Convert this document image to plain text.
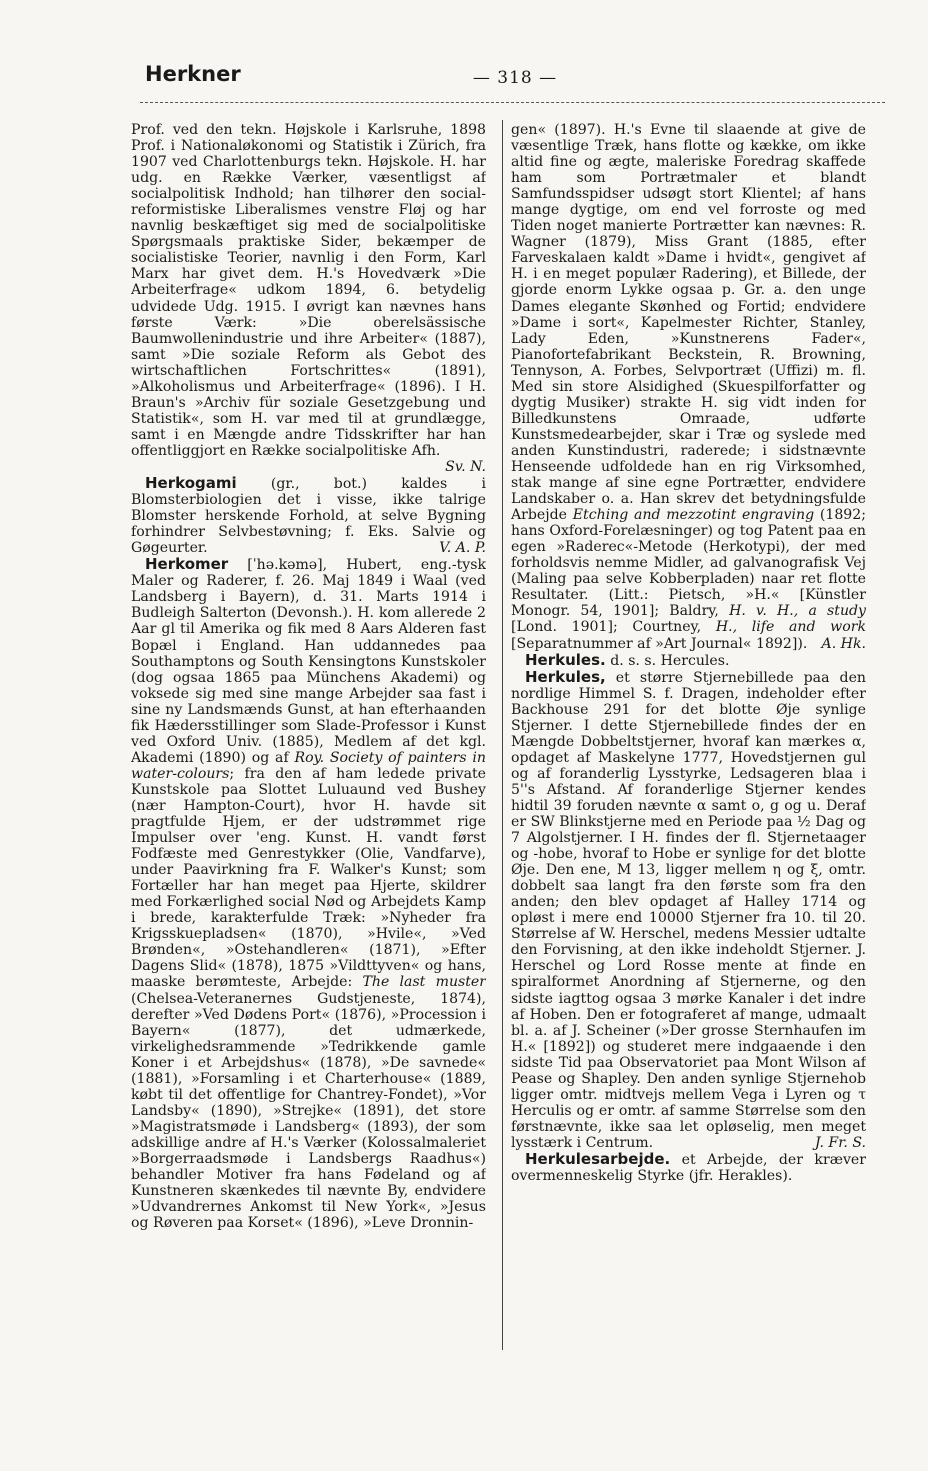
Herkner	— 318 —

Prof. ved den tekn. Højskole i Karlsruhe, 1898 Prof. i Nationaløkonomi og Statistik i Zürich, fra 1907 ved Charlottenburgs tekn. Højskole. H. har udg. en Række Værker, væsentligst af socialpolitisk Indhold; han tilhører den social-reformistiske Liberalismes venstre Fløj og har navnlig beskæftiget sig med de socialpolitiske Spørgsmaals praktiske Sider, bekæmper de socialistiske Teorier, navnlig i den Form, Karl Marx har givet dem. H.'s Hovedværk »Die Arbeiterfrage« udkom 1894, 6. betydelig udvidede Udg. 1915. I øvrigt kan nævnes hans første Værk: »Die oberelsässische Baumwollenindustrie und ihre Arbeiter« (1887), samt »Die soziale Reform als Gebot des wirtschaftlichen Fortschrittes« (1891), »Alkoholismus und Arbeiterfrage« (1896). I H. Braun's »Archiv für soziale Gesetzgebung und Statistik«, som H. var med til at grundlægge, samt i en Mængde andre Tidsskrifter har han offentliggjort en Række socialpolitiske Afh.
Sv. N.

Herkogami (gr., bot.) kaldes i Blomsterbiologien det i visse, ikke talrige Blomster herskende Forhold, at selve Bygning forhindrer Selvbestøvning; f. Eks. Salvie og Gøgeurter.	V. A. P.

Herkomer [ˈhə.kəmə], Hubert, eng.-tysk Maler og Raderer, f. 26. Maj 1849 i Waal (ved Landsberg i Bayern), d. 31. Marts 1914 i Budleigh Salterton (Devonsh.). H. kom allerede 2 Aar gl til Amerika og fik med 8 Aars Alderen fast Bopæl i England. Han uddannedes paa Southamptons og South Kensingtons Kunstskoler (dog ogsaa 1865 paa Münchens Akademi) og voksede sig med sine mange Arbejder saa fast i sine ny Landsmænds Gunst, at han efterhaanden fik Hædersstillinger som Slade-Professor i Kunst ved Oxford Univ. (1885), Medlem af det kgl. Akademi (1890) og af Roy. Society of painters in water-colours; fra den af ham ledede private Kunstskole paa Slottet Luluaund ved Bushey (nær Hampton-Court), hvor H. havde sit pragtfulde Hjem, er der udstrømmet rige Impulser over 'eng. Kunst. H. vandt først Fodfæste med Genrestykker (Olie, Vandfarve), under Paavirkning fra F. Walker's Kunst; som Fortæller har han meget paa Hjerte, skildrer med Forkærlighed social Nød og Arbejdets Kamp i brede, karakterfulde Træk: »Nyheder fra Krigsskuepladsen« (1870), »Hvile«, »Ved Brønden«, »Ostehandleren« (1871), »Efter Dagens Slid« (1878), 1875 »Vildttyven« og hans, maaske berømteste, Arbejde: The last muster (Chelsea-Veteranernes Gudstjeneste, 1874), derefter »Ved Dødens Port« (1876), »Procession i Bayern« (1877), det udmærkede, virkelighedsrammende »Tedrikkende gamle Koner i et Arbejdshus« (1878), »De savnede« (1881), »Forsamling i et Charterhouse« (1889, købt til det offentlige for Chantrey-Fondet), »Vor Landsby« (1890), »Strejke« (1891), det store »Magistratsmøde i Landsberg« (1893), der som adskillige andre af H.'s Værker (Kolossalmaleriet »Borgerraadsmøde i Landsbergs Raadhus«) behandler Motiver fra hans Fødeland og af Kunstneren skænkedes til nævnte By, endvidere »Udvandrernes Ankomst til New York«, »Jesus og Røveren paa Korset« (1896), »Leve Dronnin-

gen« (1897). H.'s Evne til slaaende at give de væsentlige Træk, hans flotte og kække, om ikke altid fine og ægte, maleriske Foredrag skaffede ham som Portrætmaler et blandt Samfundsspidser udsøgt stort Klientel; af hans mange dygtige, om end vel forroste og med Tiden noget manierte Portrætter kan nævnes: R. Wagner (1879), Miss Grant (1885, efter Farveskalaen kaldt »Dame i hvidt«, gengivet af H. i en meget populær Radering), et Billede, der gjorde enorm Lykke ogsaa p. Gr. a. den unge Dames elegante Skønhed og Fortid; endvidere »Dame i sort«, Kapelmester Richter, Stanley, Lady Eden, »Kunstnerens Fader«, Pianofortefabrikant Beckstein, R. Browning, Tennyson, A. Forbes, Selvportræt (Uffizi) m. fl. Med sin store Alsidighed (Skuespilforfatter og dygtig Musiker) strakte H. sig vidt inden for Billedkunstens Omraade, udførte Kunstsmedearbejder, skar i Træ og syslede med anden Kunstindustri, raderede; i sidstnævnte Henseende udfoldede han en rig Virksomhed, stak mange af sine egne Portrætter, endvidere Landskaber o. a. Han skrev det betydningsfulde Arbejde Etching and mezzotint engraving (1892; hans Oxford-Forelæsninger) og tog Patent paa en egen »Raderec«-Metode (Herkotypi), der med forholdsvis nemme Midler, ad galvanografisk Vej (Maling paa selve Kobberpladen) naar ret flotte Resultater. (Litt.: Pietsch, »H.« [Künstler Monogr. 54, 1901]; Baldry, H. v. H., a study [Lond. 1901]; Courtney, H., life and work [Separatnummer af »Art Journal« 1892]).	A. Hk.

Herkules. d. s. s. Hercules.

Herkules, et større Stjernebillede paa den nordlige Himmel S. f. Dragen, indeholder efter Backhouse 291 for det blotte Øje synlige Stjerner. I dette Stjernebillede findes der en Mængde Dobbeltstjerner, hvoraf kan mærkes α, opdaget af Maskelyne 1777, Hovedstjernen gul og af foranderlig Lysstyrke, Ledsageren blaa i 5''s Afstand. Af foranderlige Stjerner kendes hidtil 39 foruden nævnte α samt o, g og u. Deraf er SW Blinkstjerne med en Periode paa ½ Dag og 7 Algolstjerner. I H. findes der fl. Stjernetaager og -hobe, hvoraf to Hobe er synlige for det blotte Øje. Den ene, M 13, ligger mellem η og ξ, omtr. dobbelt saa langt fra den første som fra den anden; den blev opdaget af Halley 1714 og opløst i mere end 10000 Stjerner fra 10. til 20. Størrelse af W. Herschel, medens Messier udtalte den Forvisning, at den ikke indeholdt Stjerner. J. Herschel og Lord Rosse mente at finde en spiralformet Anordning af Stjernerne, og den sidste iagttog ogsaa 3 mørke Kanaler i det indre af Hoben. Den er fotograferet af mange, udmaalt bl. a. af J. Scheiner (»Der grosse Sternhaufen im H.« [1892]) og studeret mere indgaaende i den sidste Tid paa Observatoriet paa Mont Wilson af Pease og Shapley. Den anden synlige Stjernehob ligger omtr. midtvejs mellem Vega i Lyren og τ Herculis og er omtr. af samme Størrelse som den førstnævnte, ikke saa let opløselig, men meget lysstærk i Centrum.	J. Fr. S.

Herkulesarbejde. et Arbejde, der kræver overmenneskelig Styrke (jfr. Herakles).
